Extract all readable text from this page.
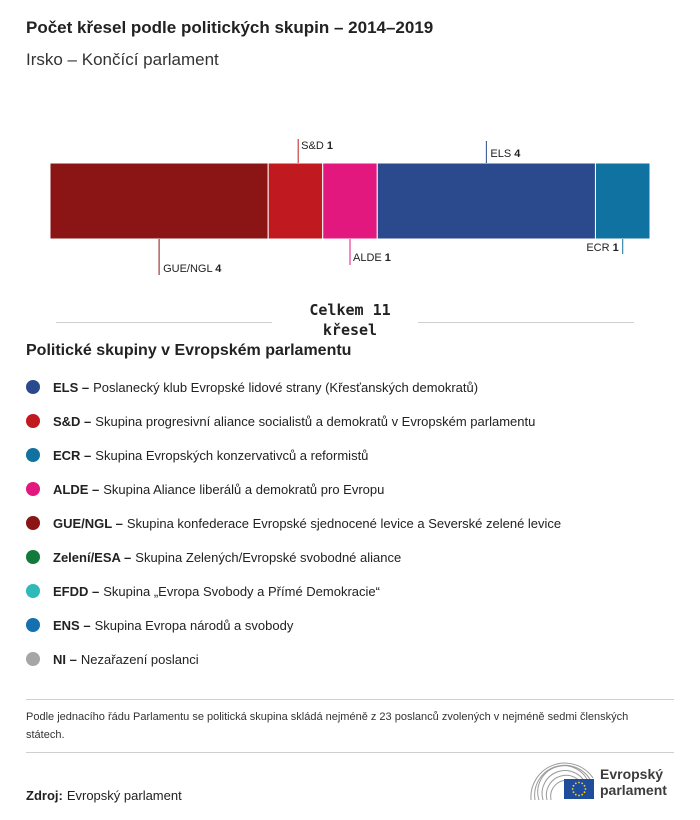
Počet křesel podle politických skupin – 2014–2019
Irsko – Končící parlament
GUE/NGL 4
S&D 1
ALDE 1
ELS 4
ECR 1
Celkem 11
křesel
Politické skupiny v Evropském parlamentu
ELS – Poslanecký klub Evropské lidové strany (Křesťanských demokratů)
S&D – Skupina progresivní aliance socialistů a demokratů v Evropském parlamentu
ECR – Skupina Evropských konzervativců a reformistů
ALDE – Skupina Aliance liberálů a demokratů pro Evropu
GUE/NGL – Skupina konfederace Evropské sjednocené levice a Severské zelené levice
Zelení/ESA – Skupina Zelených/Evropské svobodné aliance
EFDD – Skupina „Evropa Svobody a Přímé Demokracie“
ENS – Skupina Evropa národů a svobody
NI – Nezařazení poslanci
Podle jednacího řádu Parlamentu se politická skupina skládá nejméně z 23 poslanců zvolených v nejméně sedmi členských státech.
Zdroj: Evropský parlament
Evropský
parlament
